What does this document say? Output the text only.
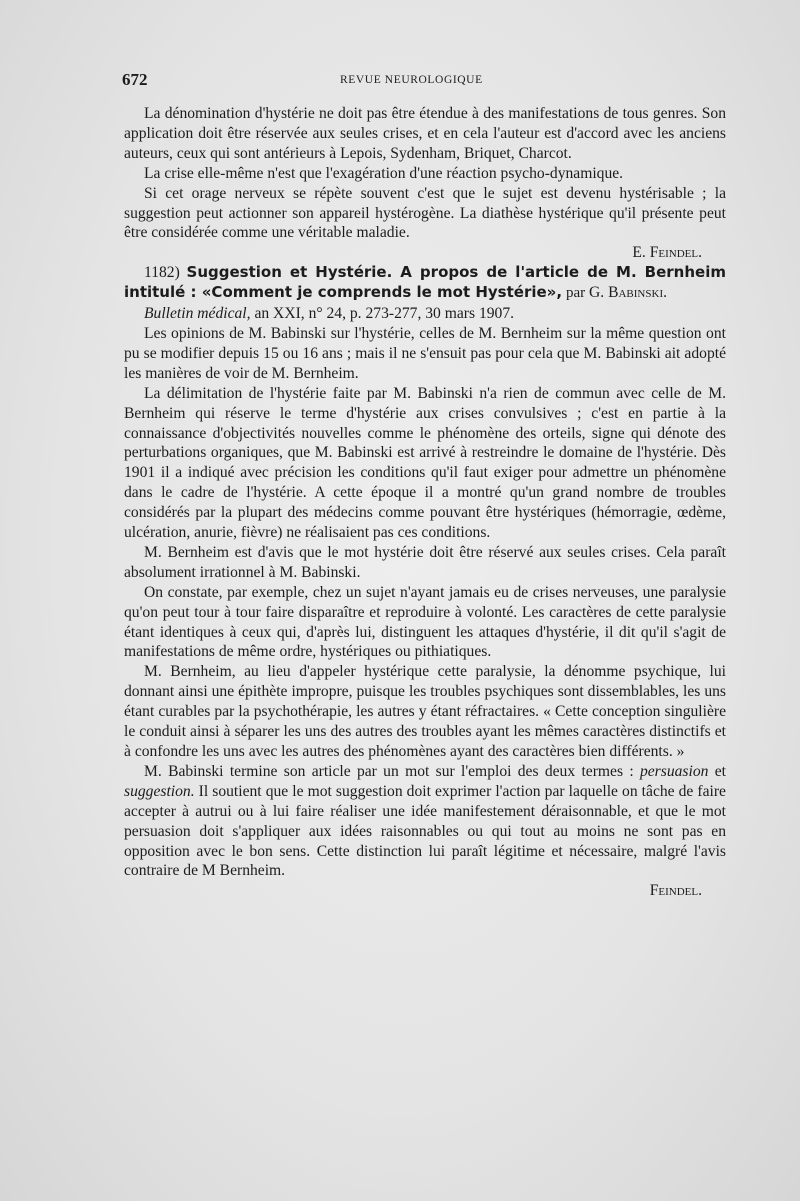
672	REVUE NEUROLOGIQUE

La dénomination d'hystérie ne doit pas être étendue à des manifestations de tous genres. Son application doit être réservée aux seules crises, et en cela l'auteur est d'accord avec les anciens auteurs, ceux qui sont antérieurs à Lepois, Sydenham, Briquet, Charcot.

La crise elle-même n'est que l'exagération d'une réaction psycho-dynamique.

Si cet orage nerveux se répète souvent c'est que le sujet est devenu hystérisable ; la suggestion peut actionner son appareil hystérogène. La diathèse hystérique qu'il présente peut être considérée comme une véritable maladie.

E. Feindel.

1182) Suggestion et Hystérie. A propos de l'article de M. Bernheim intitulé : «Comment je comprends le mot Hystérie», par G. Babinski.

Bulletin médical, an XXI, n° 24, p. 273-277, 30 mars 1907.

Les opinions de M. Babinski sur l'hystérie, celles de M. Bernheim sur la même question ont pu se modifier depuis 15 ou 16 ans ; mais il ne s'ensuit pas pour cela que M. Babinski ait adopté les manières de voir de M. Bernheim.

La délimitation de l'hystérie faite par M. Babinski n'a rien de commun avec celle de M. Bernheim qui réserve le terme d'hystérie aux crises convulsives ; c'est en partie à la connaissance d'objectivités nouvelles comme le phénomène des orteils, signe qui dénote des perturbations organiques, que M. Babinski est arrivé à restreindre le domaine de l'hystérie. Dès 1901 il a indiqué avec précision les conditions qu'il faut exiger pour admettre un phénomène dans le cadre de l'hystérie. A cette époque il a montré qu'un grand nombre de troubles considérés par la plupart des médecins comme pouvant être hystériques (hémorragie, œdème, ulcération, anurie, fièvre) ne réalisaient pas ces conditions.

M. Bernheim est d'avis que le mot hystérie doit être réservé aux seules crises. Cela paraît absolument irrationnel à M. Babinski.

On constate, par exemple, chez un sujet n'ayant jamais eu de crises nerveuses, une paralysie qu'on peut tour à tour faire disparaître et reproduire à volonté. Les caractères de cette paralysie étant identiques à ceux qui, d'après lui, distinguent les attaques d'hystérie, il dit qu'il s'agit de manifestations de même ordre, hystériques ou pithiatiques.

M. Bernheim, au lieu d'appeler hystérique cette paralysie, la dénomme psychique, lui donnant ainsi une épithète impropre, puisque les troubles psychiques sont dissemblables, les uns étant curables par la psychothérapie, les autres y étant réfractaires. « Cette conception singulière le conduit ainsi à séparer les uns des autres des troubles ayant les mêmes caractères distinctifs et à confondre les uns avec les autres des phénomènes ayant des caractères bien différents. »

M. Babinski termine son article par un mot sur l'emploi des deux termes : persuasion et suggestion. Il soutient que le mot suggestion doit exprimer l'action par laquelle on tâche de faire accepter à autrui ou à lui faire réaliser une idée manifestement déraisonnable, et que le mot persuasion doit s'appliquer aux idées raisonnables ou qui tout au moins ne sont pas en opposition avec le bon sens. Cette distinction lui paraît légitime et nécessaire, malgré l'avis contraire de M Bernheim.

Feindel.
